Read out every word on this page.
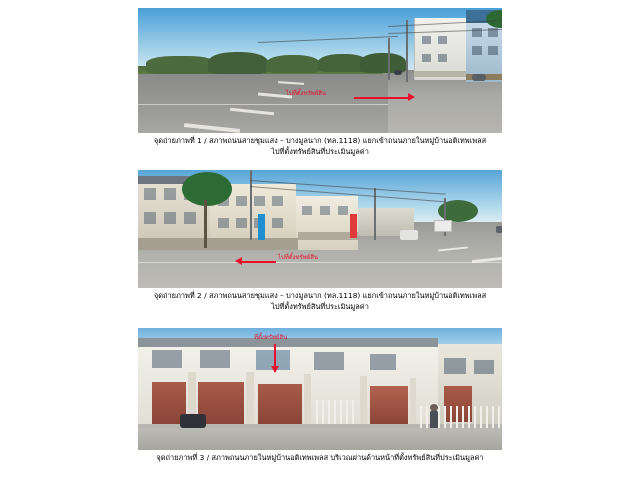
ไปที่ตั้งทรัพย์สิน
จุดถ่ายภาพที่ 1 / สภาพถนนสายชุมแสง – บางมูลนาก (ทล.1118) แยกเข้าถนนภายในหมู่บ้านอติเทพเพลส
ไปที่ตั้งทรัพย์สินที่ประเมินมูลค่า
ไปที่ตั้งทรัพย์สิน
จุดถ่ายภาพที่ 2 / สภาพถนนสายชุมแสง – บางมูลนาก (ทล.1118) แยกเข้าถนนภายในหมู่บ้านอติเทพเพลส
ไปที่ตั้งทรัพย์สินที่ประเมินมูลค่า
ที่ตั้งทรัพย์สิน
จุดถ่ายภาพที่ 3 / สภาพถนนภายในหมู่บ้านอติเทพเพลส บริเวณผ่านด้านหน้าที่ตั้งทรัพย์สินที่ประเมินมูลค่า
